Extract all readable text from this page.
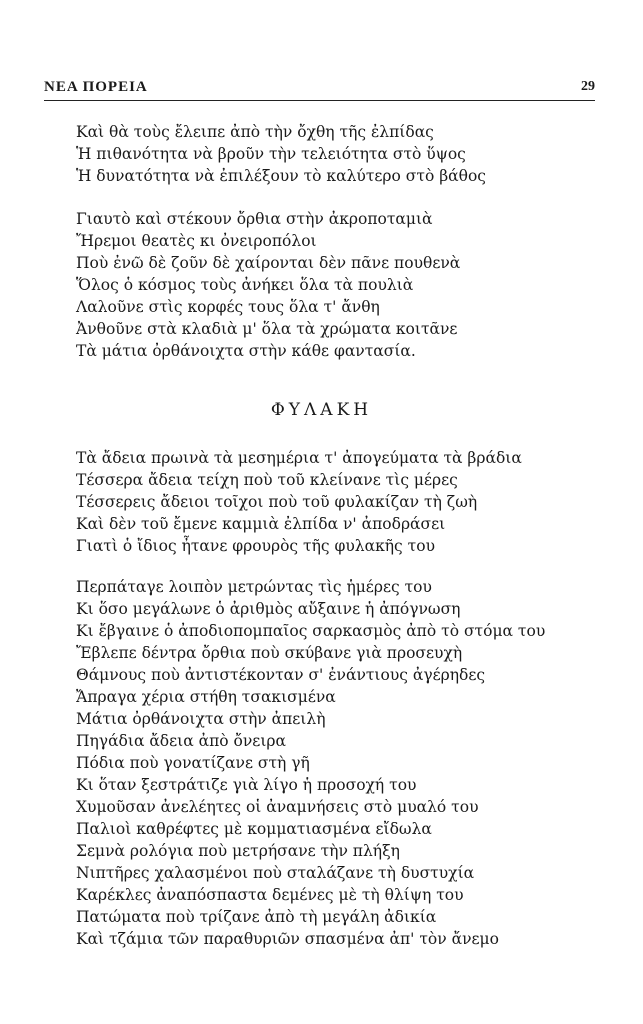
ΝΕΑ ΠΟΡΕΙΑ	29
Καὶ θὰ τοὺς ἔλειπε ἀπὸ τὴν ὄχθη τῆς ἐλπίδας
Ἡ πιθανότητα νὰ βροῦν τὴν τελειότητα στὸ ὕψος
Ἡ δυνατότητα νὰ ἐπιλέξουν τὸ καλύτερο στὸ βάθος
Γιαυτὸ καὶ στέκουν ὄρθια στὴν ἀκροποταμιὰ
Ἤρεμοι θεατὲς κι ὀνειροπόλοι
Ποὺ ἐνῶ δὲ ζοῦν δὲ χαίρονται δὲν πᾶνε πουθενὰ
Ὅλος ὁ κόσμος τοὺς ἀνήκει ὅλα τὰ πουλιὰ
Λαλοῦνε στὶς κορφές τους ὅλα τ' ἄνθη
Ἀνθοῦνε στὰ κλαδιὰ μ' ὅλα τὰ χρώματα κοιτᾶνε
Τὰ μάτια ὀρθάνοιχτα στὴν κάθε φαντασία.
ΦΥΛΑΚΗ
Τὰ ἄδεια πρωινὰ τὰ μεσημέρια τ' ἀπογεύματα τὰ βράδια
Τέσσερα ἄδεια τείχη ποὺ τοῦ κλείνανε τὶς μέρες
Τέσσερεις ἄδειοι τοῖχοι ποὺ τοῦ φυλακίζαν τὴ ζωὴ
Καὶ δὲν τοῦ ἔμενε καμμιὰ ἐλπίδα ν' ἀποδράσει
Γιατὶ ὁ ἴδιος ἦτανε φρουρὸς τῆς φυλακῆς του
Περπάταγε λοιπὸν μετρώντας τὶς ἡμέρες του
Κι ὅσο μεγάλωνε ὁ ἀριθμὸς αὔξαινε ἡ ἀπόγνωση
Κι ἔβγαινε ὁ ἀποδιοπομπαῖος σαρκασμὸς ἀπὸ τὸ στόμα του
Ἔβλεπε δέντρα ὄρθια ποὺ σκύβανε γιὰ προσευχὴ
Θάμνους ποὺ ἀντιστέκονταν σ' ἐνάντιους ἀγέρηδες
Ἄπραγα χέρια στήθη τσακισμένα
Μάτια ὀρθάνοιχτα στὴν ἀπειλὴ
Πηγάδια ἄδεια ἀπὸ ὄνειρα
Πόδια ποὺ γονατίζανε στὴ γῆ
Κι ὅταν ξεστράτιζε γιὰ λίγο ἡ προσοχή του
Χυμοῦσαν ἀνελέητες οἱ ἀναμνήσεις στὸ μυαλό του
Παλιοὶ καθρέφτες μὲ κομματιασμένα εἴδωλα
Σεμνὰ ρολόγια ποὺ μετρήσανε τὴν πλήξη
Νιπτῆρες χαλασμένοι ποὺ σταλάζανε τὴ δυστυχία
Καρέκλες ἀναπόσπαστα δεμένες μὲ τὴ θλίψη του
Πατώματα ποὺ τρίζανε ἀπὸ τὴ μεγάλη ἀδικία
Καὶ τζάμια τῶν παραθυριῶν σπασμένα ἀπ' τὸν ἄνεμο
